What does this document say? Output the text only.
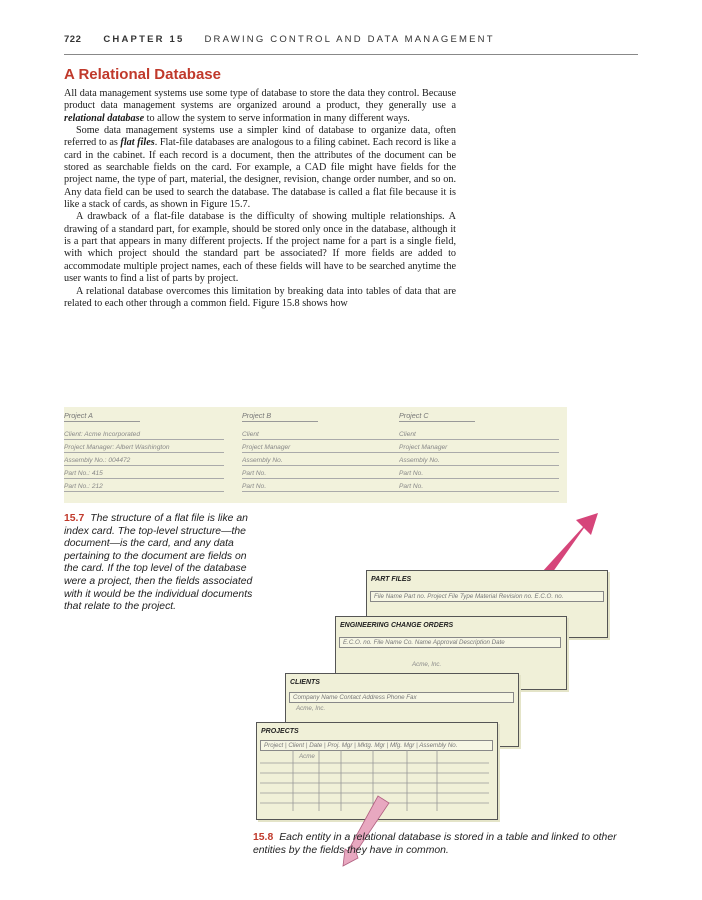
722 CHAPTER 15 DRAWING CONTROL AND DATA MANAGEMENT
A Relational Database

All data management systems use some type of database to store the data they control. Because product data management systems are organized around a product, they generally use a relational database to allow the system to serve information in many different ways.

Some data management systems use a simpler kind of database to organize data, often referred to as flat files. Flat-file databases are analogous to a filing cabinet. Each record is like a card in the cabinet. If each record is a document, then the attributes of the document can be stored as searchable fields on the card. For example, a CAD file might have fields for the project name, the type of part, material, the designer, revision, change order number, and so on. Any data field can be used to search the database. The database is called a flat file because it is like a stack of cards, as shown in Figure 15.7.

A drawback of a flat-file database is the difficulty of showing multiple relationships. A drawing of a standard part, for example, should be stored only once in the database, although it is a part that appears in many different projects. If the project name for a part is a single field, with which project should the standard part be associated? If more fields are added to accommodate multiple project names, each of these fields will have to be searched anytime the user wants to find a list of parts by project.

A relational database overcomes this limitation by breaking data into tables of data that are related to each other through a common field. Figure 15.8 shows how

Project A
Client: Acme Incorporated
Project Manager: Albert Washington
Assembly No.: 004472
Part No.: 415
Part No.: 212
Project B
Client
Project Manager
Assembly No.
Part No.
Part No.
Project C
Client
Project Manager
Assembly No.
Part No.
Part No.
15.7 The structure of a flat file is like an index card. The top-level structure—the document—is the card, and any data pertaining to the document are fields on the card. If the top level of the database were a project, then the fields associated with it would be the individual documents that relate to the project.
PART FILES
File Name Part no. Project File Type Material Revision no. E.C.O. no.
ENGINEERING CHANGE ORDERS
E.C.O. no. File Name Co. Name Approval Description Date
Acme, Inc.
CLIENTS
Company Name Contact Address Phone Fax
Acme, Inc.
PROJECTS
Project | Client | Date | Proj. Mgr | Mktg. Mgr | Mfg. Mgr | Assembly No.
Acme
15.8 Each entity in a relational database is stored in a table and linked to other entities by the fields they have in common.
